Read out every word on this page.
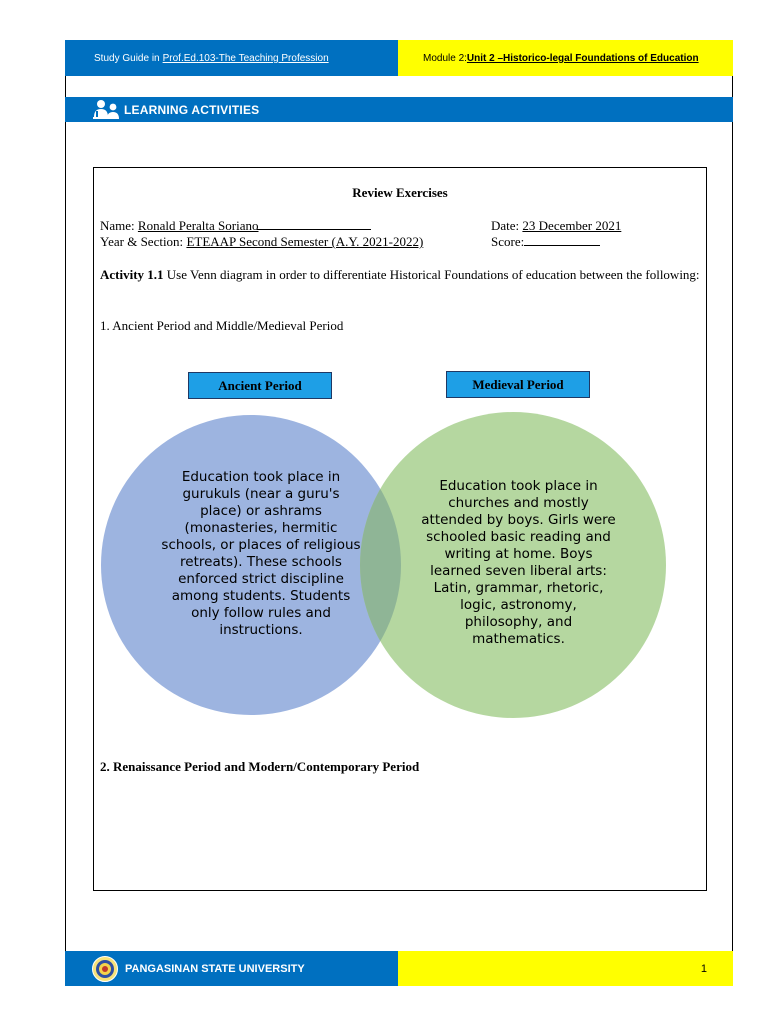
Study Guide in Prof.Ed.103-The Teaching Profession	Module 2: Unit 2 –Historico-legal Foundations of Education
LEARNING ACTIVITIES
Review Exercises
Name: Ronald Peralta Soriano	Date: 23 December 2021
Year & Section: ETEAAP Second Semester (A.Y. 2021-2022)	Score:
Activity 1.1 Use Venn diagram in order to differentiate Historical Foundations of education between the following:
1. Ancient Period and Middle/Medieval Period
Ancient Period	Medieval Period
Education took place in gurukuls (near a guru's place) or ashrams (monasteries, hermitic schools, or places of religious retreats). These schools enforced strict discipline among students. Students only follow rules and instructions.
Education took place in churches and mostly attended by boys. Girls were schooled basic reading and writing at home. Boys learned seven liberal arts: Latin, grammar, rhetoric, logic, astronomy, philosophy, and mathematics.
2. Renaissance Period and Modern/Contemporary Period
PANGASINAN STATE UNIVERSITY	1
